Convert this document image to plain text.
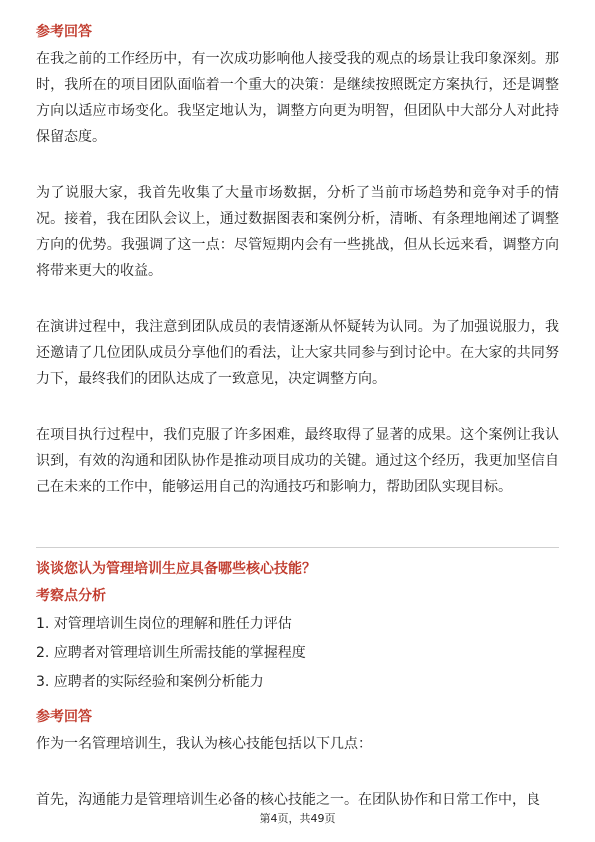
参考回答

在我之前的工作经历中，有一次成功影响他人接受我的观点的场景让我印象深刻。那时，我所在的项目团队面临着一个重大的决策：是继续按照既定方案执行，还是调整方向以适应市场变化。我坚定地认为，调整方向更为明智，但团队中大部分人对此持保留态度。

为了说服大家，我首先收集了大量市场数据，分析了当前市场趋势和竞争对手的情况。接着，我在团队会议上，通过数据图表和案例分析，清晰、有条理地阐述了调整方向的优势。我强调了这一点：尽管短期内会有一些挑战，但从长远来看，调整方向将带来更大的收益。

在演讲过程中，我注意到团队成员的表情逐渐从怀疑转为认同。为了加强说服力，我还邀请了几位团队成员分享他们的看法，让大家共同参与到讨论中。在大家的共同努力下，最终我们的团队达成了一致意见，决定调整方向。

在项目执行过程中，我们克服了许多困难，最终取得了显著的成果。这个案例让我认识到，有效的沟通和团队协作是推动项目成功的关键。通过这个经历，我更加坚信自己在未来的工作中，能够运用自己的沟通技巧和影响力，帮助团队实现目标。

谈谈您认为管理培训生应具备哪些核心技能？
考察点分析
1. 对管理培训生岗位的理解和胜任力评估
2. 应聘者对管理培训生所需技能的掌握程度
3. 应聘者的实际经验和案例分析能力
参考回答

作为一名管理培训生，我认为核心技能包括以下几点：

首先，沟通能力是管理培训生必备的核心技能之一。在团队协作和日常工作中，良

第4页，共49页
